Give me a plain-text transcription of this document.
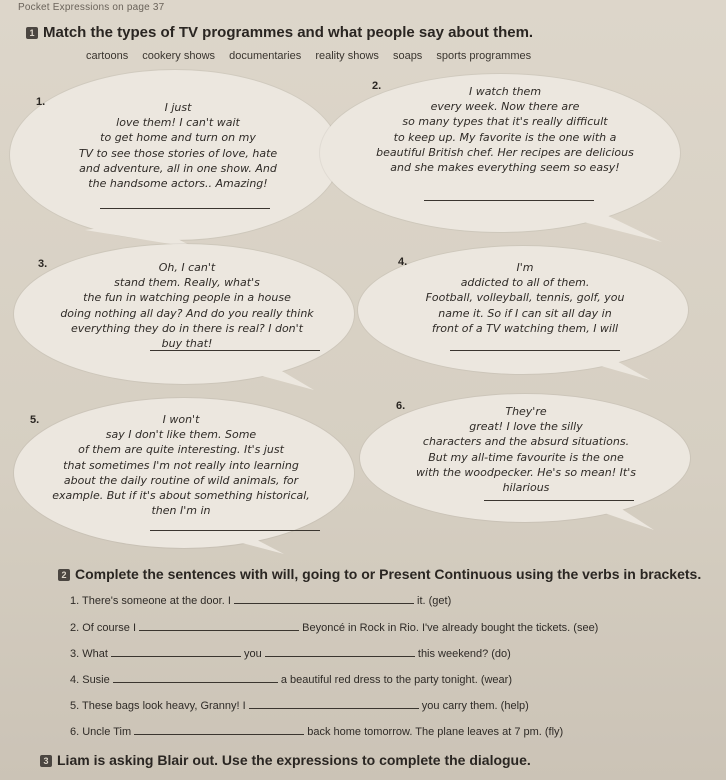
Pocket Expressions on page 37
1 Match the types of TV programmes and what people say about them.
cartoons cookery shows documentaries reality shows soaps sports programmes
1.	I just
love them! I can't wait
to get home and turn on my
TV to see those stories of love, hate
and adventure, all in one show. And
the handsome actors.. Amazing!
2.	I watch them
every week. Now there are
so many types that it's really difficult
to keep up. My favorite is the one with a
beautiful British chef. Her recipes are delicious
and she makes everything seem so easy!
3.	Oh, I can't
stand them. Really, what's
the fun in watching people in a house
doing nothing all day? And do you really think
everything they do in there is real? I don't
buy that!
4.	I'm
addicted to all of them.
Football, volleyball, tennis, golf, you
name it. So if I can sit all day in
front of a TV watching them, I will
5.	I won't
say I don't like them. Some
of them are quite interesting. It's just
that sometimes I'm not really into learning
about the daily routine of wild animals, for
example. But if it's about something historical,
then I'm in
6.	They're
great! I love the silly
characters and the absurd situations.
But my all-time favourite is the one
with the woodpecker. He's so mean! It's
hilarious
2 Complete the sentences with will, going to or Present Continuous using the verbs in brackets.
1. There's someone at the door. I	it. (get)
2. Of course I	Beyoncé in Rock in Rio. I've already bought the tickets. (see)
3. What	you	this weekend? (do)
4. Susie	a beautiful red dress to the party tonight. (wear)
5. These bags look heavy, Granny! I	you carry them. (help)
6. Uncle Tim	back home tomorrow. The plane leaves at 7 pm. (fly)
3 Liam is asking Blair out. Use the expressions to complete the dialogue.
